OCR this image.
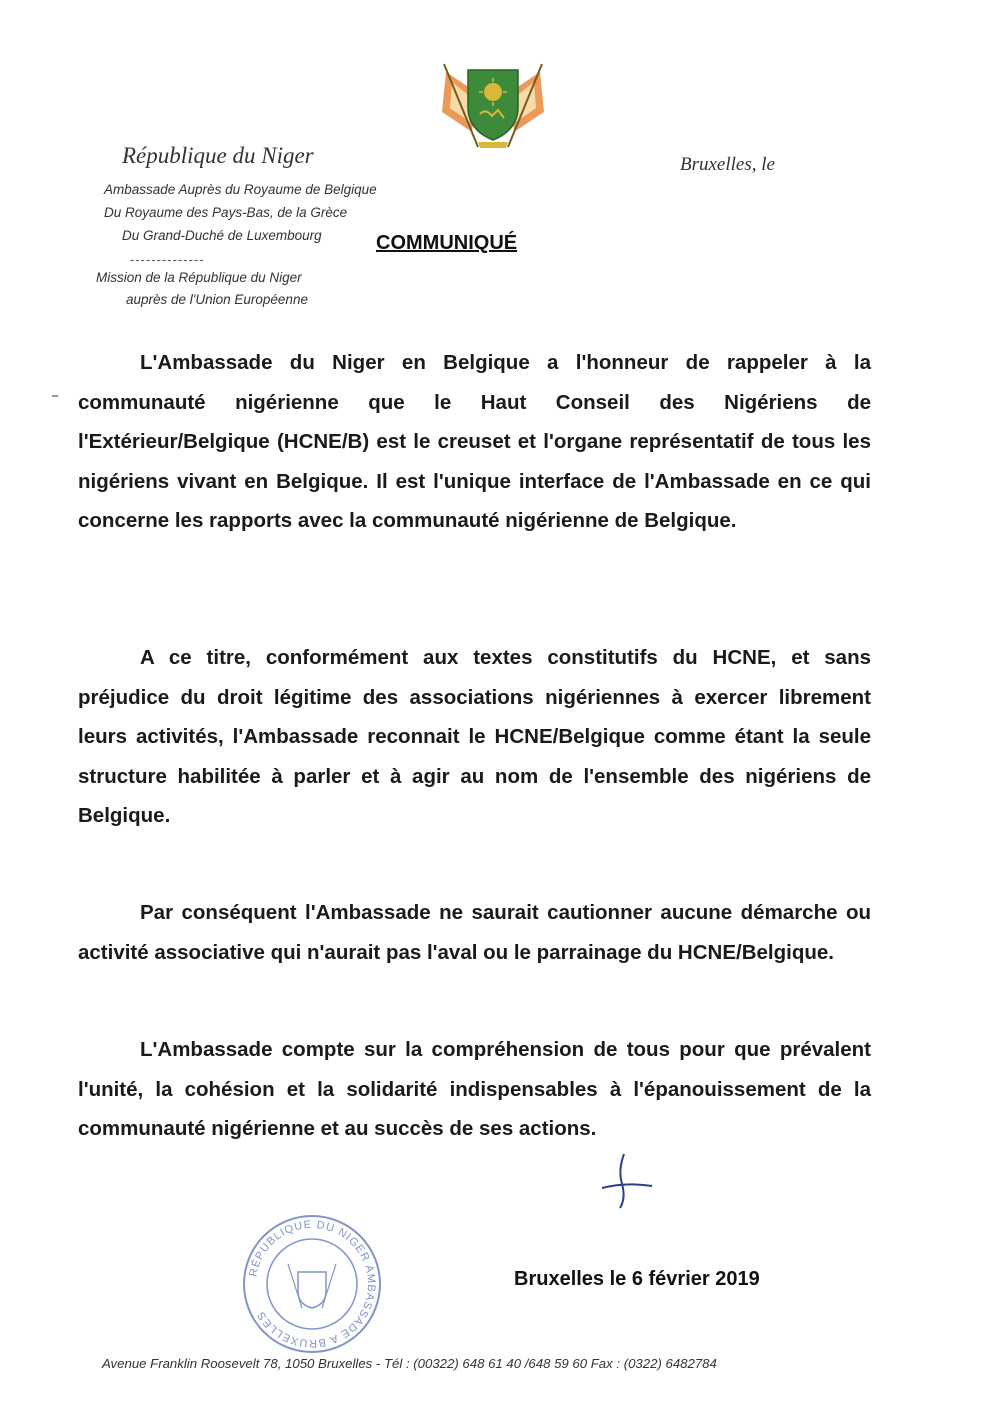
République du Niger	Bruxelles, le
Ambassade Auprès du Royaume de Belgique
Du Royaume des Pays-Bas, de la Grèce
Du Grand-Duché de Luxembourg
--------------
Mission de la République du Niger
auprès de l'Union Européenne
COMMUNIQUÉ

L'Ambassade du Niger en Belgique a l'honneur de rappeler à la communauté nigérienne que le Haut Conseil des Nigériens de l'Extérieur/Belgique (HCNE/B) est le creuset et l'organe représentatif de tous les nigériens vivant en Belgique. Il est l'unique interface de l'Ambassade en ce qui concerne les rapports avec la communauté nigérienne de Belgique.

A ce titre, conformément aux textes constitutifs du HCNE, et sans préjudice du droit légitime des associations nigériennes à exercer librement leurs activités, l'Ambassade reconnait le HCNE/Belgique comme étant la seule structure habilitée à parler et à agir au nom de l'ensemble des nigériens de Belgique.

Par conséquent l'Ambassade ne saurait cautionner aucune démarche ou activité associative qui n'aurait pas l'aval ou le parrainage du HCNE/Belgique.

L'Ambassade compte sur la compréhension de tous pour que prévalent l'unité, la cohésion et la solidarité indispensables à l'épanouissement de la communauté nigérienne et au succès de ses actions.

RÉPUBLIQUE DU NIGER AMBASSADE A BRUXELLES
Bruxelles le 6 février 2019
Avenue Franklin Roosevelt 78, 1050 Bruxelles - Tél : (00322) 648 61 40 /648 59 60 Fax : (0322) 6482784
